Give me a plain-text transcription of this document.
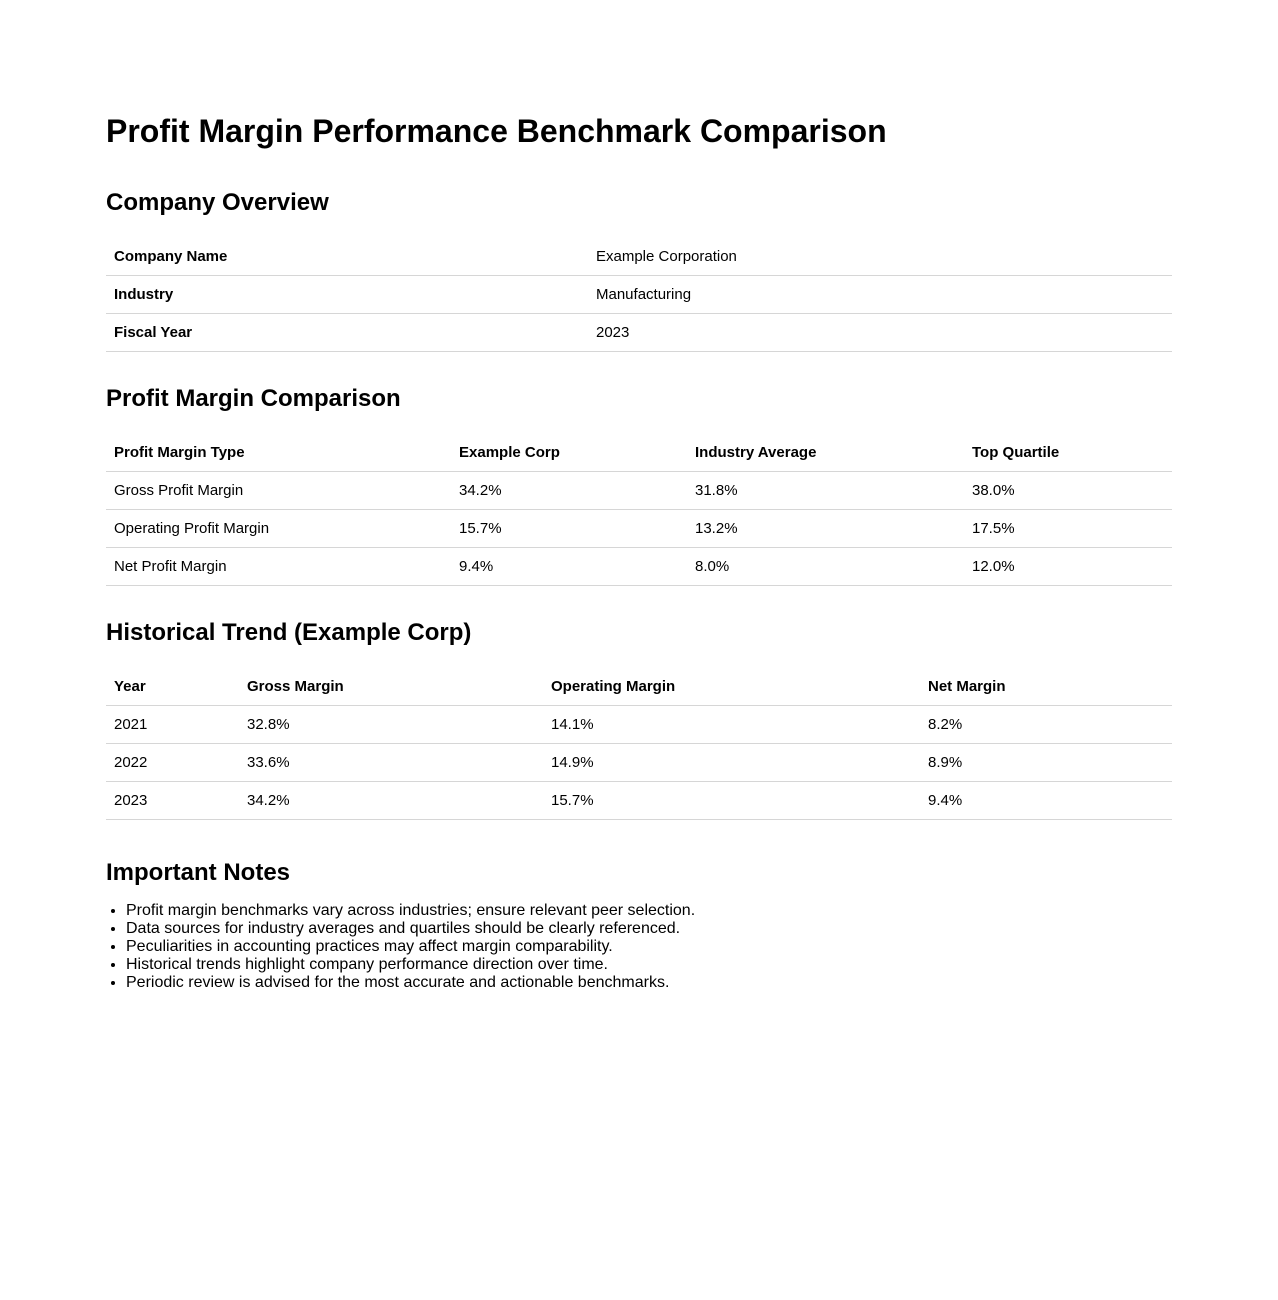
Profit Margin Performance Benchmark Comparison
Company Overview
Company Name	Example Corporation
Industry	Manufacturing
Fiscal Year	2023
Profit Margin Comparison
Profit Margin Type	Example Corp	Industry Average	Top Quartile
Gross Profit Margin	34.2%	31.8%	38.0%
Operating Profit Margin	15.7%	13.2%	17.5%
Net Profit Margin	9.4%	8.0%	12.0%
Historical Trend (Example Corp)
Year	Gross Margin	Operating Margin	Net Margin
2021	32.8%	14.1%	8.2%
2022	33.6%	14.9%	8.9%
2023	34.2%	15.7%	9.4%
Important Notes
• Profit margin benchmarks vary across industries; ensure relevant peer selection.
• Data sources for industry averages and quartiles should be clearly referenced.
• Peculiarities in accounting practices may affect margin comparability.
• Historical trends highlight company performance direction over time.
• Periodic review is advised for the most accurate and actionable benchmarks.
